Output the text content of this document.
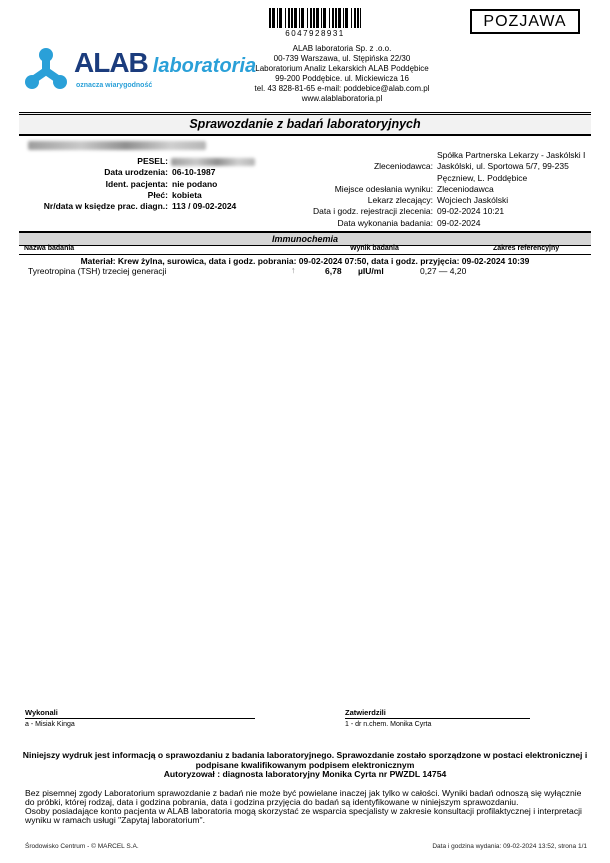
6047928931
POZJAWA
ALAB laboratoria
oznacza wiarygodność
ALAB laboratoria Sp. z .o.o.
00-739 Warszawa, ul. Stępińska 22/30
Laboratorium Analiz Lekarskich ALAB Poddębice
99-200 Poddębice. ul. Mickiewicza 16
tel. 43 828-81-65 e-mail: poddebice@alab.com.pl
www.alablaboratoria.pl
Sprawozdanie z badań laboratoryjnych
PESEL:
Data urodzenia: 06-10-1987
Ident. pacjenta: nie podano
Płeć: kobieta
Nr/data w księdze prac. diagn.: 113 / 09-02-2024
Zleceniodawca:
Spółka Partnerska Lekarzy - Jaskólski I Jaskólski, ul. Sportowa 5/7, 99-235 Pęczniew, L. Poddębice
Miejsce odesłania wyniku: Zleceniodawca
Lekarz zlecający: Wojciech Jaskólski
Data i godz. rejestracji zlecenia: 09-02-2024 10:21
Data wykonania badania: 09-02-2024
Immunochemia
Nazwa badania	Wynik badania	Zakres referencyjny
Materiał: Krew żylna, surowica, data i godz. pobrania: 09-02-2024 07:50, data i godz. przyjęcia: 09-02-2024 10:39
Tyreotropina (TSH) trzeciej generacji	↑	6,78 µIU/ml	0,27 — 4,20
Wykonali
a - Misiak Kinga
Zatwierdzili
1 - dr n.chem. Monika Cyrta
Niniejszy wydruk jest informacją o sprawozdaniu z badania laboratoryjnego. Sprawozdanie zostało sporządzone w postaci elektronicznej i podpisane kwalifikowanym podpisem elektronicznym
Autoryzował : diagnosta laboratoryjny Monika Cyrta nr PWZDL 14754

Bez pisemnej zgody Laboratorium sprawozdanie z badań nie może być powielane inaczej jak tylko w całości. Wyniki badań odnoszą się wyłącznie do próbki, której rodzaj, data i godzina pobrania, data i godzina przyjęcia do badań są identyfikowane w niniejszym sprawozdaniu.

Osoby posiadające konto pacjenta w ALAB laboratoria mogą skorzystać ze wsparcia specjalisty w zakresie konsultacji profilaktycznej i interpretacji wyniku w ramach usługi "Zapytaj laboratorium".

Środowisko Centrum - © MARCEL S.A.	Data i godzina wydania: 09-02-2024 13:52, strona 1/1
